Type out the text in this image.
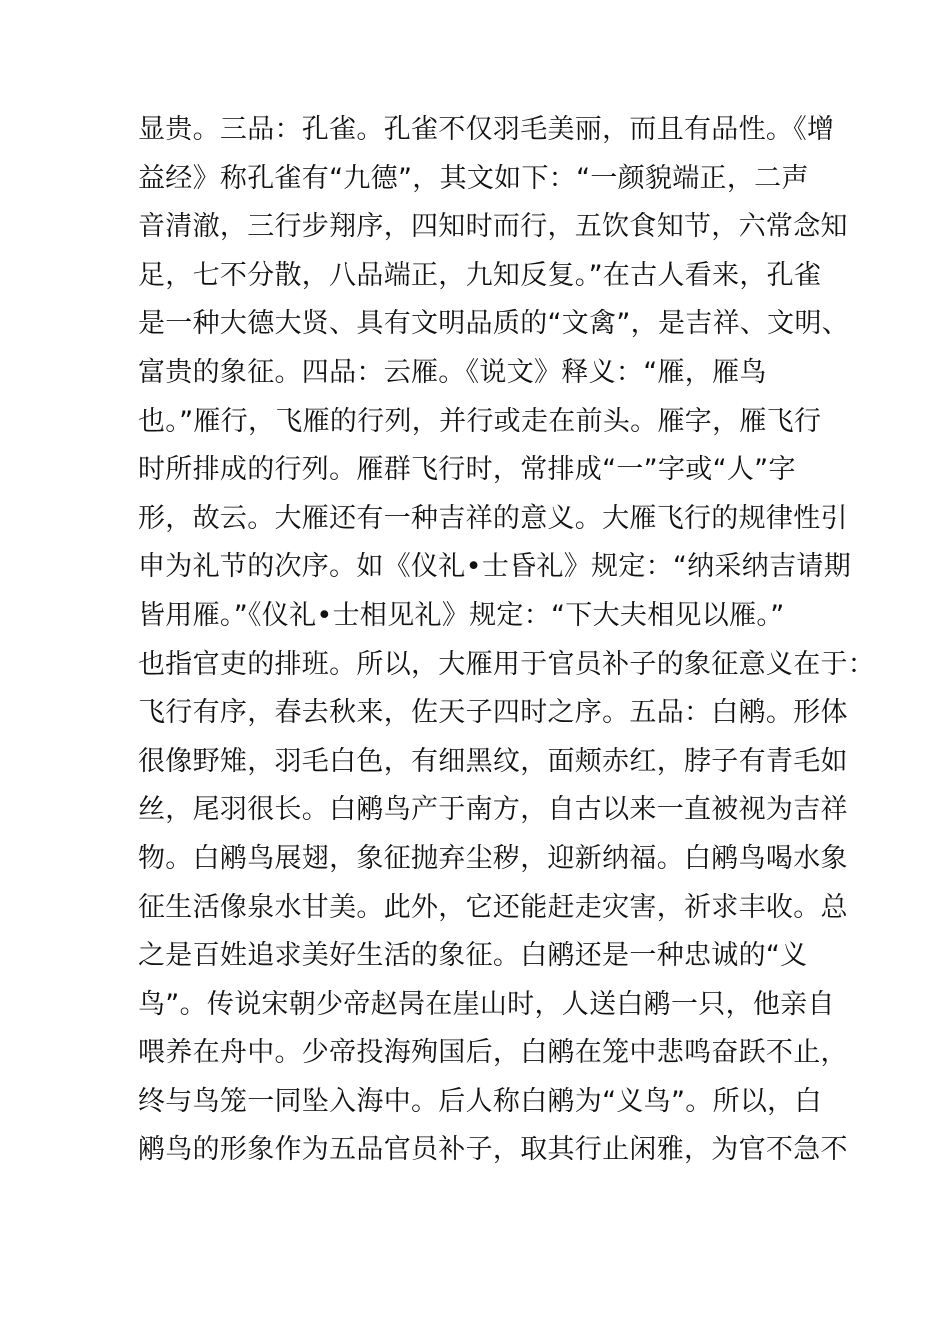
显贵。三品：孔雀。孔雀不仅羽毛美丽，而且有品性。《增
益经》称孔雀有“九德”，其文如下：“一颜貌端正，二声
音清澈，三行步翔序，四知时而行，五饮食知节，六常念知
足，七不分散，八品端正，九知反复。”在古人看来，孔雀
是一种大德大贤、具有文明品质的“文禽”，是吉祥、文明、
富贵的象征。四品：云雁。《说文》释义：“雁，雁鸟
也。”雁行，飞雁的行列，并行或走在前头。雁字，雁飞行
时所排成的行列。雁群飞行时，常排成“一”字或“人”字
形，故云。大雁还有一种吉祥的意义。大雁飞行的规律性引
申为礼节的次序。如《仪礼•士昏礼》规定：“纳采纳吉请期
皆用雁。”《仪礼•士相见礼》规定：“下大夫相见以雁。”
也指官吏的排班。所以，大雁用于官员补子的象征意义在于：
飞行有序，春去秋来，佐天子四时之序。五品：白鹇。形体
很像野雉，羽毛白色，有细黑纹，面颊赤红，脖子有青毛如
丝，尾羽很长。白鹇鸟产于南方，自古以来一直被视为吉祥
物。白鹇鸟展翅，象征抛弃尘秽，迎新纳福。白鹇鸟喝水象
征生活像泉水甘美。此外，它还能赶走灾害，祈求丰收。总
之是百姓追求美好生活的象征。白鹇还是一种忠诚的“义
鸟”。传说宋朝少帝赵昺在崖山时，人送白鹇一只，他亲自
喂养在舟中。少帝投海殉国后，白鹇在笼中悲鸣奋跃不止，
终与鸟笼一同坠入海中。后人称白鹇为“义鸟”。所以，白
鹇鸟的形象作为五品官员补子，取其行止闲雅，为官不急不
